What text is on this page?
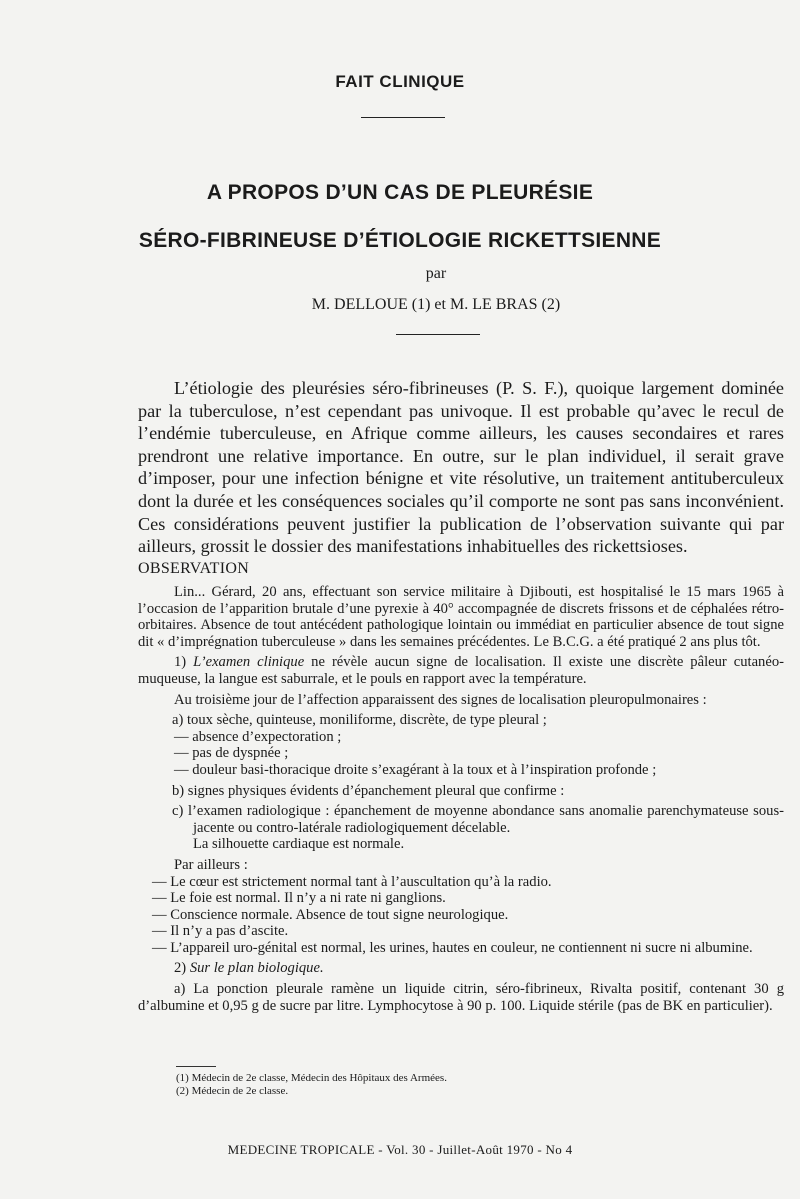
FAIT CLINIQUE
A PROPOS D’UN CAS DE PLEURÉSIE
SÉRO-FIBRINEUSE D’ÉTIOLOGIE RICKETTSIENNE
par
M. DELLOUE (1) et M. LE BRAS (2)

L’étiologie des pleurésies séro-fibrineuses (P. S. F.), quoique largement dominée par la tuberculose, n’est cependant pas univoque. Il est probable qu’avec le recul de l’endémie tuberculeuse, en Afrique comme ailleurs, les causes secondaires et rares prendront une relative importance. En outre, sur le plan individuel, il serait grave d’imposer, pour une infection bénigne et vite résolutive, un traitement antituberculeux dont la durée et les conséquences sociales qu’il comporte ne sont pas sans inconvénient. Ces considérations peuvent justifier la publication de l’observation suivante qui par ailleurs, grossit le dossier des manifestations inhabituelles des rickettsioses.

OBSERVATION

Lin... Gérard, 20 ans, effectuant son service militaire à Djibouti, est hospitalisé le 15 mars 1965 à l’occasion de l’apparition brutale d’une pyrexie à 40° accompagnée de discrets frissons et de céphalées rétro-orbitaires. Absence de tout antécédent pathologique lointain ou immédiat en particulier absence de tout signe dit « d’imprégnation tuberculeuse » dans les semaines précédentes. Le B.C.G. a été pratiqué 2 ans plus tôt.

1) L’examen clinique ne révèle aucun signe de localisation. Il existe une discrète pâleur cutanéo-muqueuse, la langue est saburrale, et le pouls en rapport avec la température.

Au troisième jour de l’affection apparaissent des signes de localisation pleuropulmonaires :

a) toux sèche, quinteuse, moniliforme, discrète, de type pleural ;

— absence d’expectoration ;

— pas de dyspnée ;

— douleur basi-thoracique droite s’exagérant à la toux et à l’inspiration profonde ;

b) signes physiques évidents d’épanchement pleural que confirme :

c) l’examen radiologique : épanchement de moyenne abondance sans anomalie parenchymateuse sous-jacente ou contro-latérale radiologiquement décelable.

La silhouette cardiaque est normale.

Par ailleurs :

— Le cœur est strictement normal tant à l’auscultation qu’à la radio.

— Le foie est normal. Il n’y a ni rate ni ganglions.

— Conscience normale. Absence de tout signe neurologique.

— Il n’y a pas d’ascite.

— L’appareil uro-génital est normal, les urines, hautes en couleur, ne contiennent ni sucre ni albumine.

2) Sur le plan biologique.

a) La ponction pleurale ramène un liquide citrin, séro-fibrineux, Rivalta positif, contenant 30 g d’albumine et 0,95 g de sucre par litre. Lymphocytose à 90 p. 100. Liquide stérile (pas de BK en particulier).

(1) Médecin de 2e classe, Médecin des Hôpitaux des Armées.
(2) Médecin de 2e classe.
MEDECINE TROPICALE - Vol. 30 - Juillet-Août 1970 - No 4
